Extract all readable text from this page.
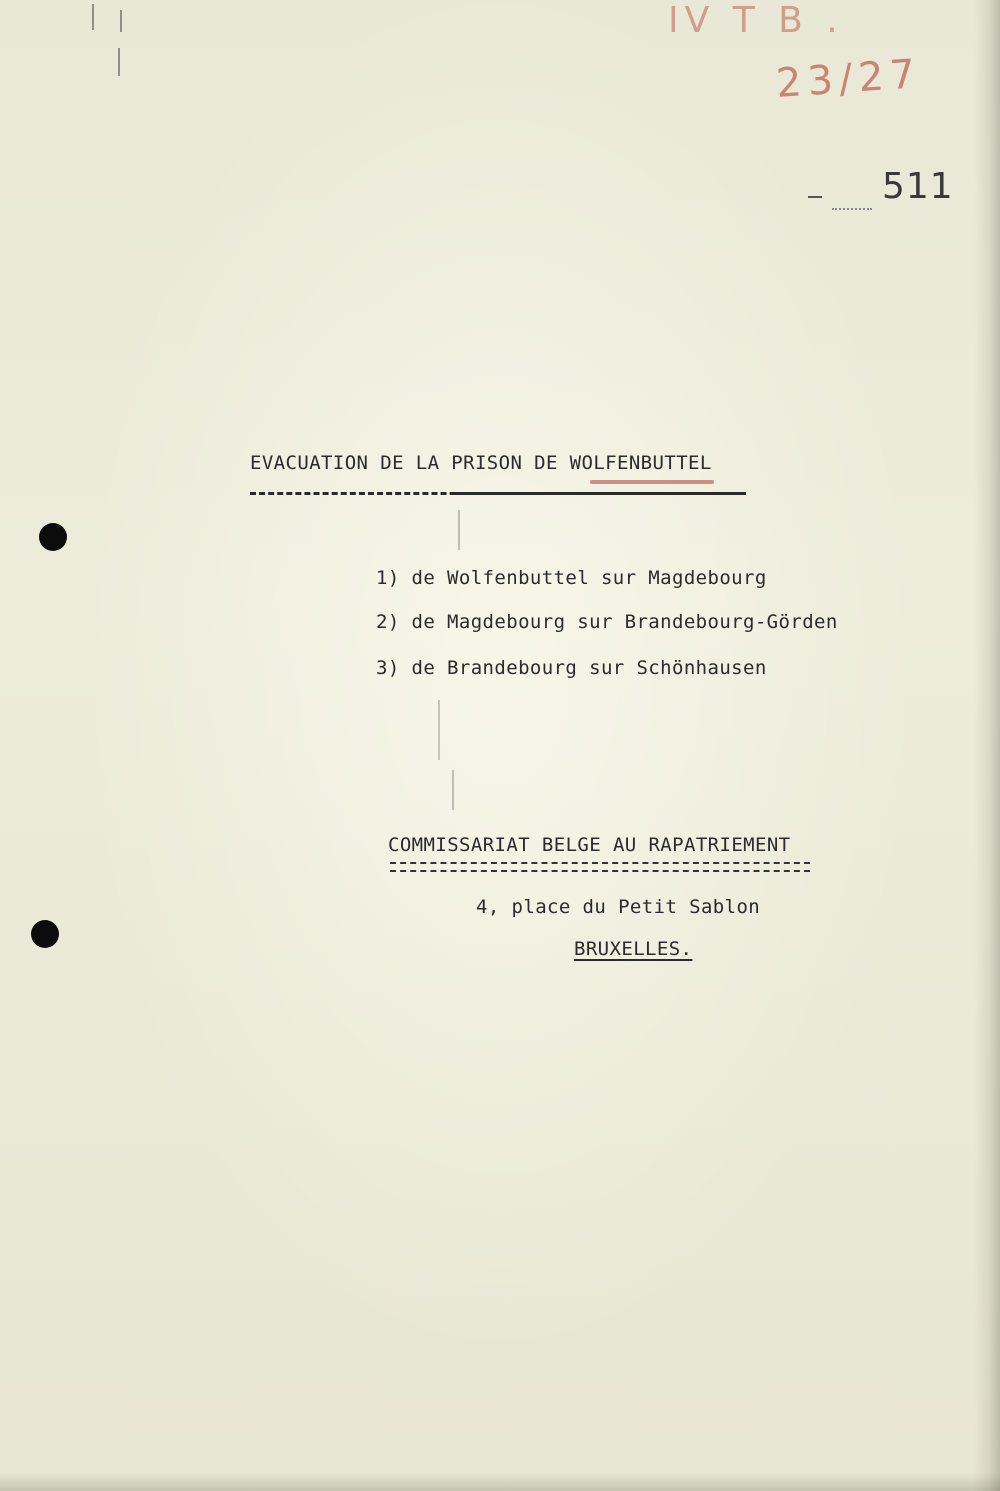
IV T B .
23/27
511
EVACUATION DE LA PRISON DE WOLFENBUTTEL
1) de Wolfenbuttel sur Magdebourg
2) de Magdebourg sur Brandebourg-Görden
3) de Brandebourg sur Schönhausen
COMMISSARIAT BELGE AU RAPATRIEMENT
4, place du Petit Sablon
BRUXELLES.
